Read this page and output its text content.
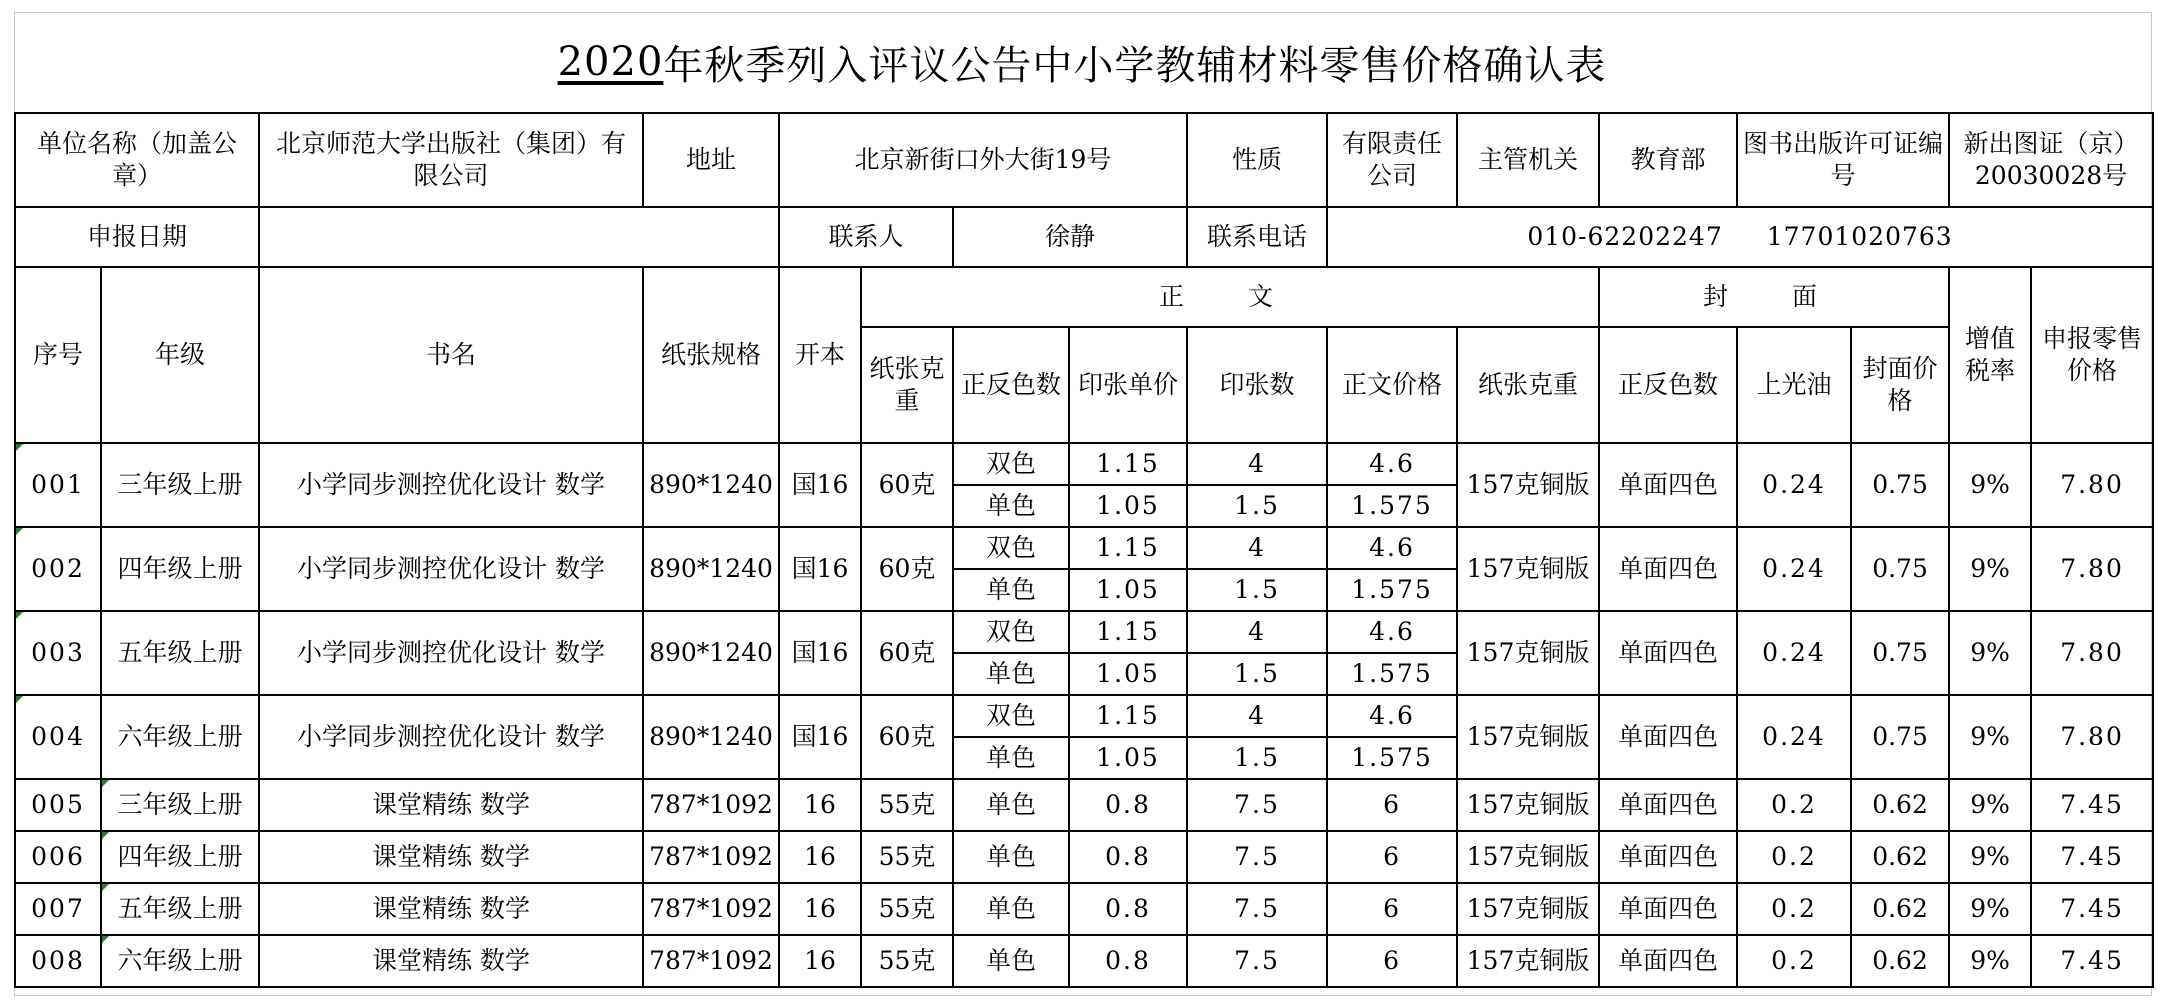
2020 年秋季列入评议公告中小学教辅材料零售价格确认表
单位名称（加盖公章）		北京师范大学出版社（集团）有限公司	地址	北京新街口外大街19号				性质	有限责任公司	主管机关	教育部	图书出版许可证编号		新出图证（京）20030028号	
申报日期				联系人		徐静		联系电话	010-62202247 17701020763						
序号	年级	书名	纸张规格	开本	正 文						封 面			增值税率	申报零售价格
					纸张克重	正反色数	印张单价	印张数	正文价格	纸张克重	正反色数	上光油	封面价格		
001	三年级上册	小学同步测控优化设计 数学	890*1240	国16	60克	双色	1.15	4	4.6	157克铜版	单面四色	0.24	0.75	9%	7.80
						单色	1.05	1.5	1.575						
002	四年级上册	小学同步测控优化设计 数学	890*1240	国16	60克	双色	1.15	4	4.6	157克铜版	单面四色	0.24	0.75	9%	7.80
						单色	1.05	1.5	1.575						
003	五年级上册	小学同步测控优化设计 数学	890*1240	国16	60克	双色	1.15	4	4.6	157克铜版	单面四色	0.24	0.75	9%	7.80
						单色	1.05	1.5	1.575						
004	六年级上册	小学同步测控优化设计 数学	890*1240	国16	60克	双色	1.15	4	4.6	157克铜版	单面四色	0.24	0.75	9%	7.80
						单色	1.05	1.5	1.575						
005	三年级上册	课堂精练 数学	787*1092	16	55克	单色	0.8	7.5	6	157克铜版	单面四色	0.2	0.62	9%	7.45
006	四年级上册	课堂精练 数学	787*1092	16	55克	单色	0.8	7.5	6	157克铜版	单面四色	0.2	0.62	9%	7.45
007	五年级上册	课堂精练 数学	787*1092	16	55克	单色	0.8	7.5	6	157克铜版	单面四色	0.2	0.62	9%	7.45
008	六年级上册	课堂精练 数学	787*1092	16	55克	单色	0.8	7.5	6	157克铜版	单面四色	0.2	0.62	9%	7.45
